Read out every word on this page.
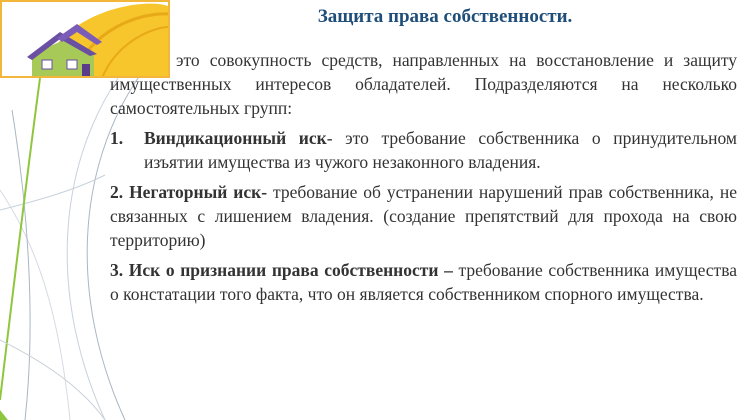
Защита права собственности.

это совокупность средств, направленных на восстановление и защиту имущественных интересов обладателей. Подразделяются на несколько самостоятельных групп:

1.	Виндикационный иск- это требование собственника о принудительном изъятии имущества из чужого незаконного владения.
2. Негаторный иск- требование об устранении нарушений прав собственника, не связанных с лишением владения. (создание препятствий для прохода на свою территорию)
3. Иск о признании права собственности – требование собственника имущества о констатации того факта, что он является собственником спорного имущества.
